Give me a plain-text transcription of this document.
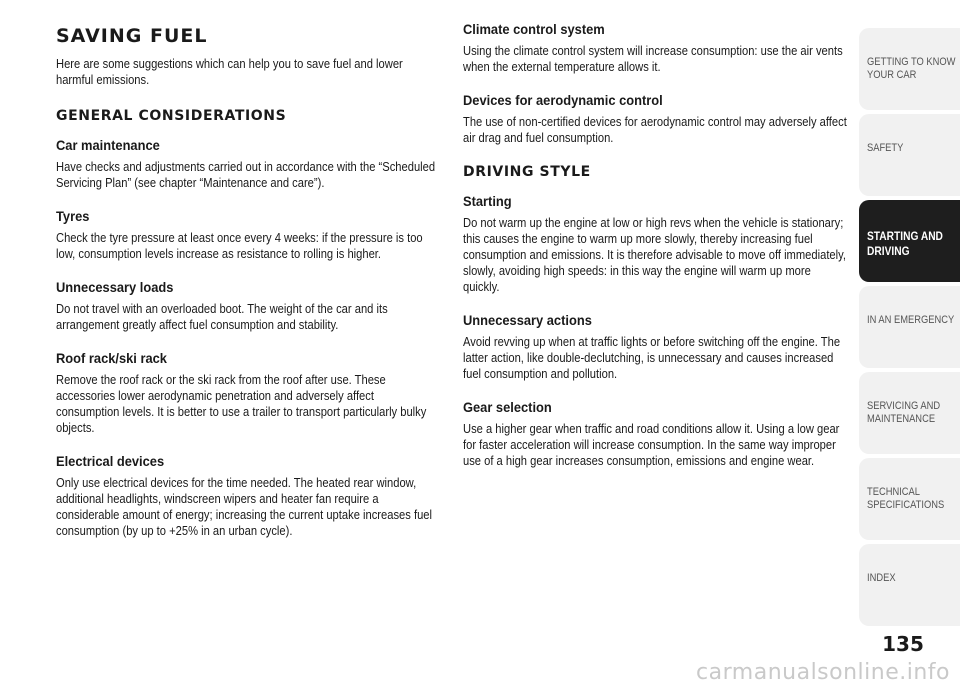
SAVING FUEL
Here are some suggestions which can help you to save fuel and lower harmful emissions.
GENERAL CONSIDERATIONS
Car maintenance
Have checks and adjustments carried out in accordance with the “Scheduled Servicing Plan” (see chapter “Maintenance and care”).
Tyres
Check the tyre pressure at least once every 4 weeks: if the pressure is too low, consumption levels increase as resistance to rolling is higher.
Unnecessary loads
Do not travel with an overloaded boot. The weight of the car and its arrangement greatly affect fuel consumption and stability.
Roof rack/ski rack
Remove the roof rack or the ski rack from the roof after use. These accessories lower aerodynamic penetration and adversely affect consumption levels. It is better to use a trailer to transport particularly bulky objects.
Electrical devices
Only use electrical devices for the time needed. The heated rear window, additional headlights, windscreen wipers and heater fan require a considerable amount of energy; increasing the current uptake increases fuel consumption (by up to +25% in an urban cycle).
Climate control system
Using the climate control system will increase consumption: use the air vents when the external temperature allows it.
Devices for aerodynamic control
The use of non-certified devices for aerodynamic control may adversely affect air drag and fuel consumption.
DRIVING STYLE
Starting
Do not warm up the engine at low or high revs when the vehicle is stationary; this causes the engine to warm up more slowly, thereby increasing fuel consumption and emissions. It is therefore advisable to move off immediately, slowly, avoiding high speeds: in this way the engine will warm up more quickly.
Unnecessary actions
Avoid revving up when at traffic lights or before switching off the engine. The latter action, like double-declutching, is unnecessary and causes increased fuel consumption and pollution.
Gear selection
Use a higher gear when traffic and road conditions allow it. Using a low gear for faster acceleration will increase consumption. In the same way improper use of a high gear increases consumption, emissions and engine wear.
GETTING TO KNOW YOUR CAR
SAFETY
STARTING AND DRIVING
IN AN EMERGENCY
SERVICING AND MAINTENANCE
TECHNICAL SPECIFICATIONS
INDEX
135
carmanualsonline.info
